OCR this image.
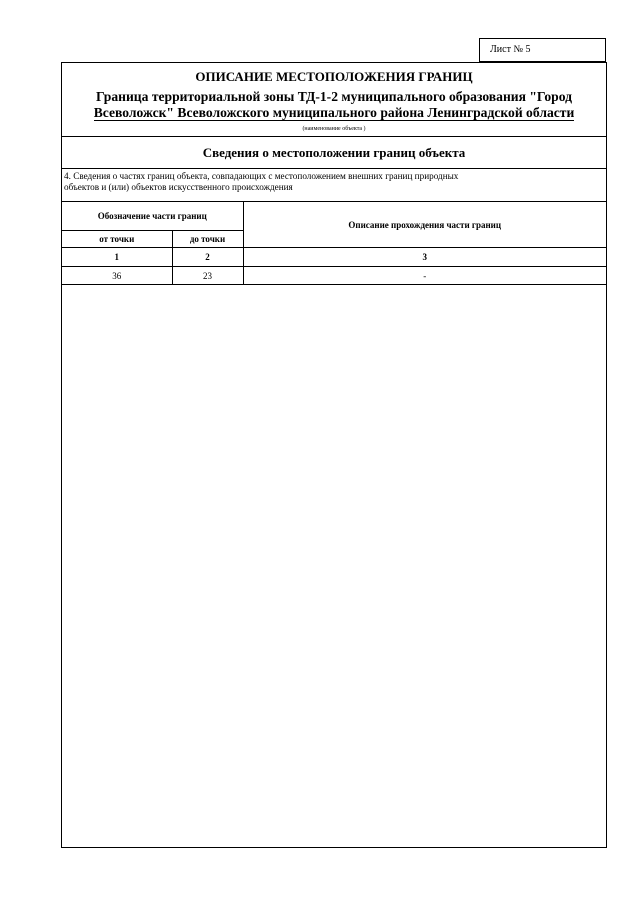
Лист № 5
ОПИСАНИЕ МЕСТОПОЛОЖЕНИЯ ГРАНИЦ
Граница территориальной зоны ТД-1-2 муниципального образования "Город
Всеволожск" Всеволожского муниципального района Ленинградской области
(наименование объекта )
Сведения о местоположении границ объекта
4. Сведения о частях границ объекта, совпадающих с местоположением внешних границ природных
объектов и (или) объектов искусственного происхождения
Обозначение части границ		Описание прохождения части границ
от точки	до точки	
1	2	3
36	23	-
